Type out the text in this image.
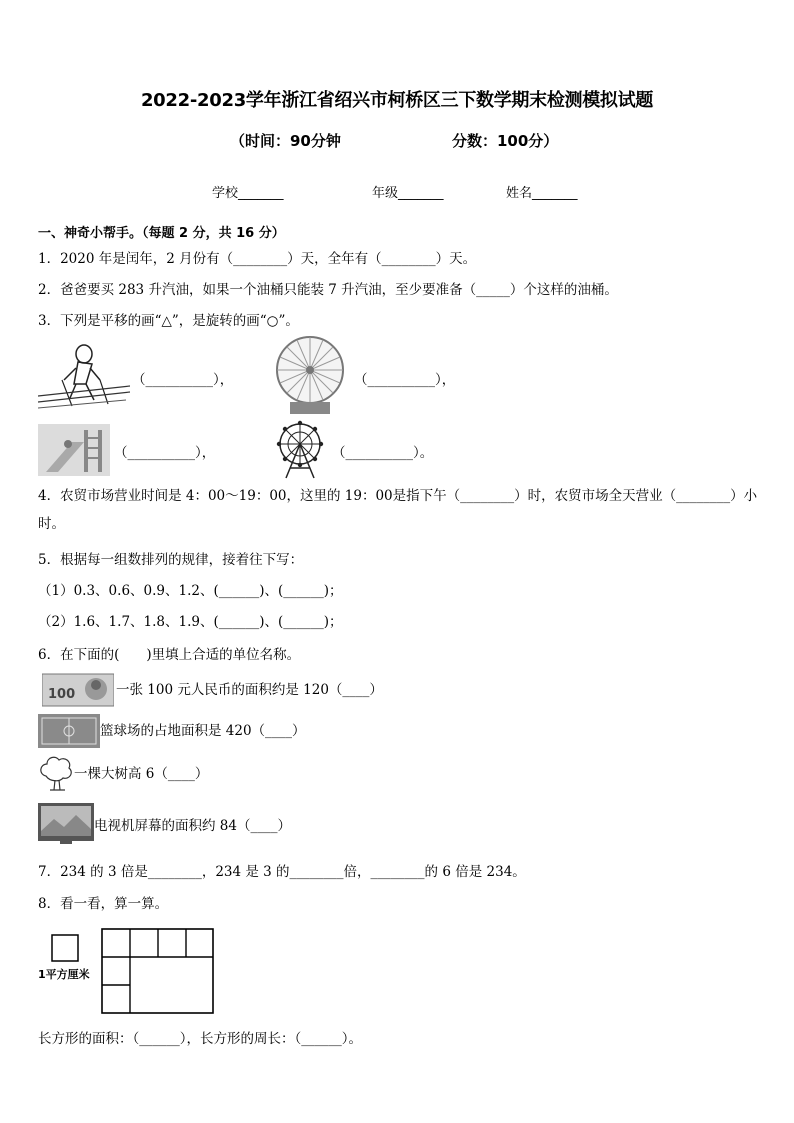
2022-2023学年浙江省绍兴市柯桥区三下数学期末检测模拟试题
（时间：90分钟	分数：100分）
学校_______	年级_______	姓名_______
一、神奇小帮手。（每题 2 分，共 16 分）
1．2020 年是闰年，2 月份有（________）天，全年有（________）天。
2．爸爸要买 283 升汽油，如果一个油桶只能装 7 升汽油，至少要准备（_____）个这样的油桶。
3．下列是平移的画“△”，是旋转的画“○”。
（__________），	（__________），
（__________），	（__________）。
4．农贸市场营业时间是 4：00～19：00，这里的 19：00是指下午（________）时，农贸市场全天营业（________）小时。
5．根据每一组数排列的规律，接着往下写：
（1）0.3、0.6、0.9、1.2、(______)、(______)；
（2）1.6、1.7、1.8、1.9、(______)、(______)；
6．在下面的(　　)里填上合适的单位名称。
100	一张 100 元人民币的面积约是 120（____）
篮球场的占地面积是 420（____）
一棵大树高 6（____）
电视机屏幕的面积约 84（____）
7．234 的 3 倍是________，234 是 3 的________倍，________的 6 倍是 234。
8．看一看，算一算。
1平方厘米
长方形的面积：（______），长方形的周长：（______）。
